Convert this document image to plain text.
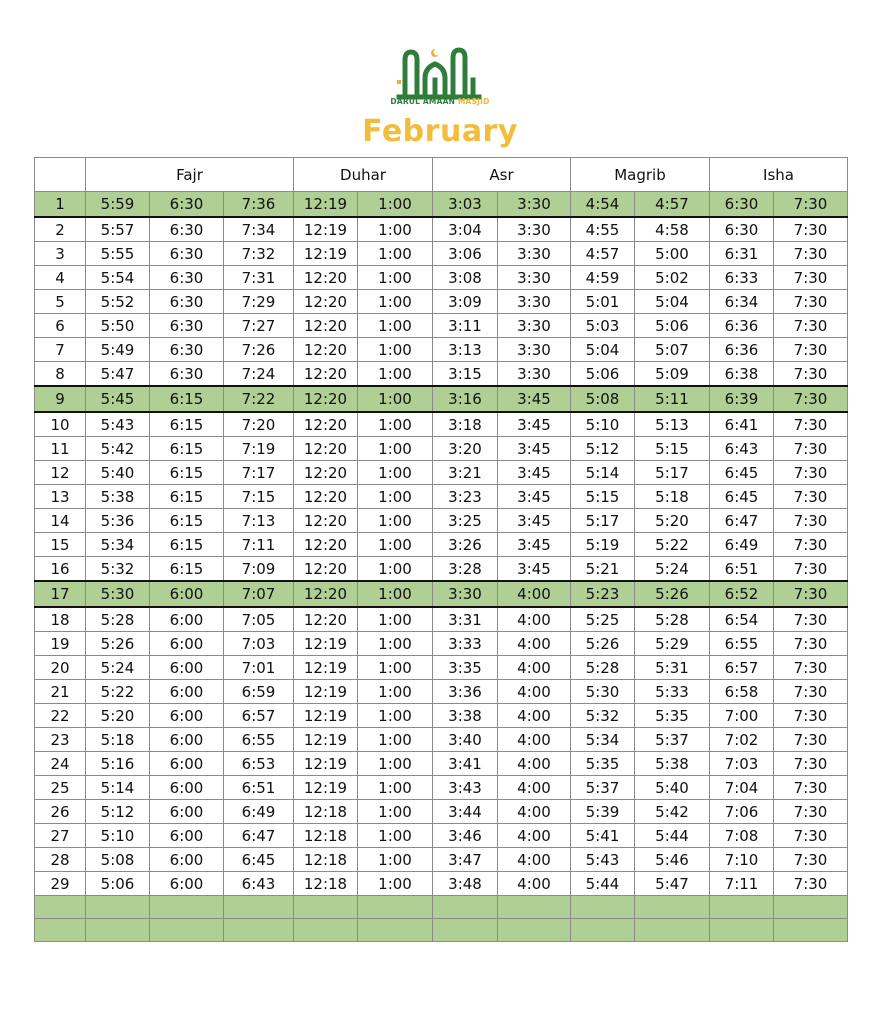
DARUL AMAAN MASJID
February
	Fajr			Duhar		Asr		Magrib		Isha	
1	5:59	6:30	7:36	12:19	1:00	3:03	3:30	4:54	4:57	6:30	7:30
2	5:57	6:30	7:34	12:19	1:00	3:04	3:30	4:55	4:58	6:30	7:30
3	5:55	6:30	7:32	12:19	1:00	3:06	3:30	4:57	5:00	6:31	7:30
4	5:54	6:30	7:31	12:20	1:00	3:08	3:30	4:59	5:02	6:33	7:30
5	5:52	6:30	7:29	12:20	1:00	3:09	3:30	5:01	5:04	6:34	7:30
6	5:50	6:30	7:27	12:20	1:00	3:11	3:30	5:03	5:06	6:36	7:30
7	5:49	6:30	7:26	12:20	1:00	3:13	3:30	5:04	5:07	6:36	7:30
8	5:47	6:30	7:24	12:20	1:00	3:15	3:30	5:06	5:09	6:38	7:30
9	5:45	6:15	7:22	12:20	1:00	3:16	3:45	5:08	5:11	6:39	7:30
10	5:43	6:15	7:20	12:20	1:00	3:18	3:45	5:10	5:13	6:41	7:30
11	5:42	6:15	7:19	12:20	1:00	3:20	3:45	5:12	5:15	6:43	7:30
12	5:40	6:15	7:17	12:20	1:00	3:21	3:45	5:14	5:17	6:45	7:30
13	5:38	6:15	7:15	12:20	1:00	3:23	3:45	5:15	5:18	6:45	7:30
14	5:36	6:15	7:13	12:20	1:00	3:25	3:45	5:17	5:20	6:47	7:30
15	5:34	6:15	7:11	12:20	1:00	3:26	3:45	5:19	5:22	6:49	7:30
16	5:32	6:15	7:09	12:20	1:00	3:28	3:45	5:21	5:24	6:51	7:30
17	5:30	6:00	7:07	12:20	1:00	3:30	4:00	5:23	5:26	6:52	7:30
18	5:28	6:00	7:05	12:20	1:00	3:31	4:00	5:25	5:28	6:54	7:30
19	5:26	6:00	7:03	12:19	1:00	3:33	4:00	5:26	5:29	6:55	7:30
20	5:24	6:00	7:01	12:19	1:00	3:35	4:00	5:28	5:31	6:57	7:30
21	5:22	6:00	6:59	12:19	1:00	3:36	4:00	5:30	5:33	6:58	7:30
22	5:20	6:00	6:57	12:19	1:00	3:38	4:00	5:32	5:35	7:00	7:30
23	5:18	6:00	6:55	12:19	1:00	3:40	4:00	5:34	5:37	7:02	7:30
24	5:16	6:00	6:53	12:19	1:00	3:41	4:00	5:35	5:38	7:03	7:30
25	5:14	6:00	6:51	12:19	1:00	3:43	4:00	5:37	5:40	7:04	7:30
26	5:12	6:00	6:49	12:18	1:00	3:44	4:00	5:39	5:42	7:06	7:30
27	5:10	6:00	6:47	12:18	1:00	3:46	4:00	5:41	5:44	7:08	7:30
28	5:08	6:00	6:45	12:18	1:00	3:47	4:00	5:43	5:46	7:10	7:30
29	5:06	6:00	6:43	12:18	1:00	3:48	4:00	5:44	5:47	7:11	7:30
